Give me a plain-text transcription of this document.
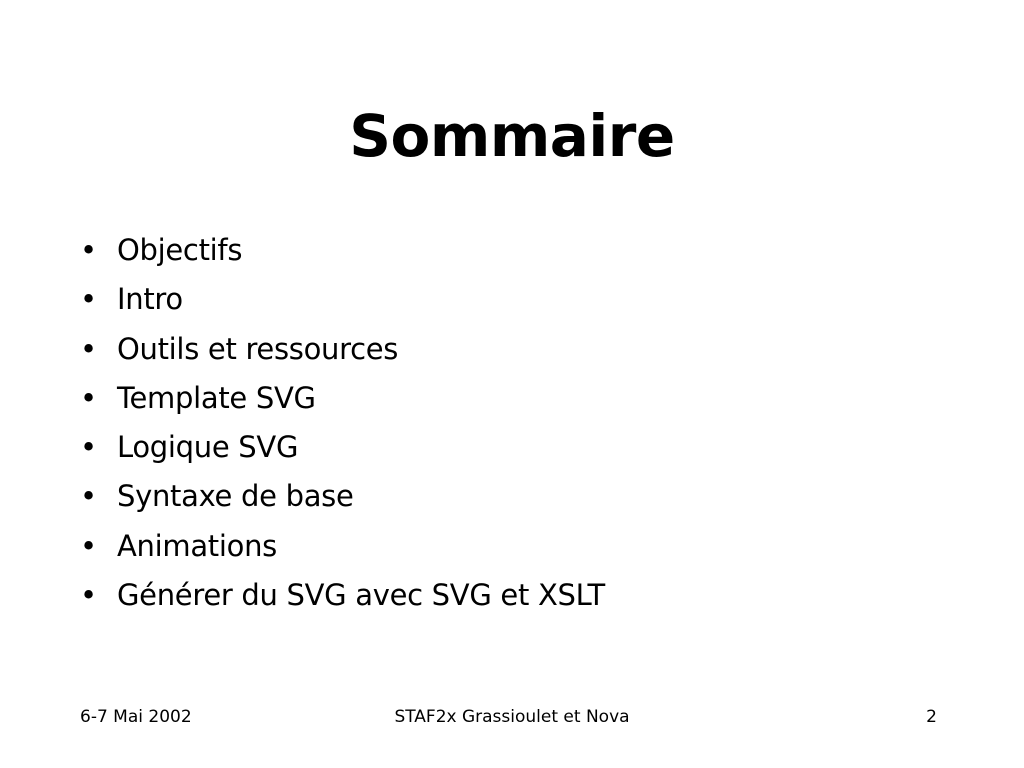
Sommaire
• Objectifs
• Intro
• Outils et ressources
• Template SVG
• Logique SVG
• Syntaxe de base
• Animations
• Générer du SVG avec SVG et XSLT
6-7 Mai 2002	STAF2x Grassioulet et Nova	2
